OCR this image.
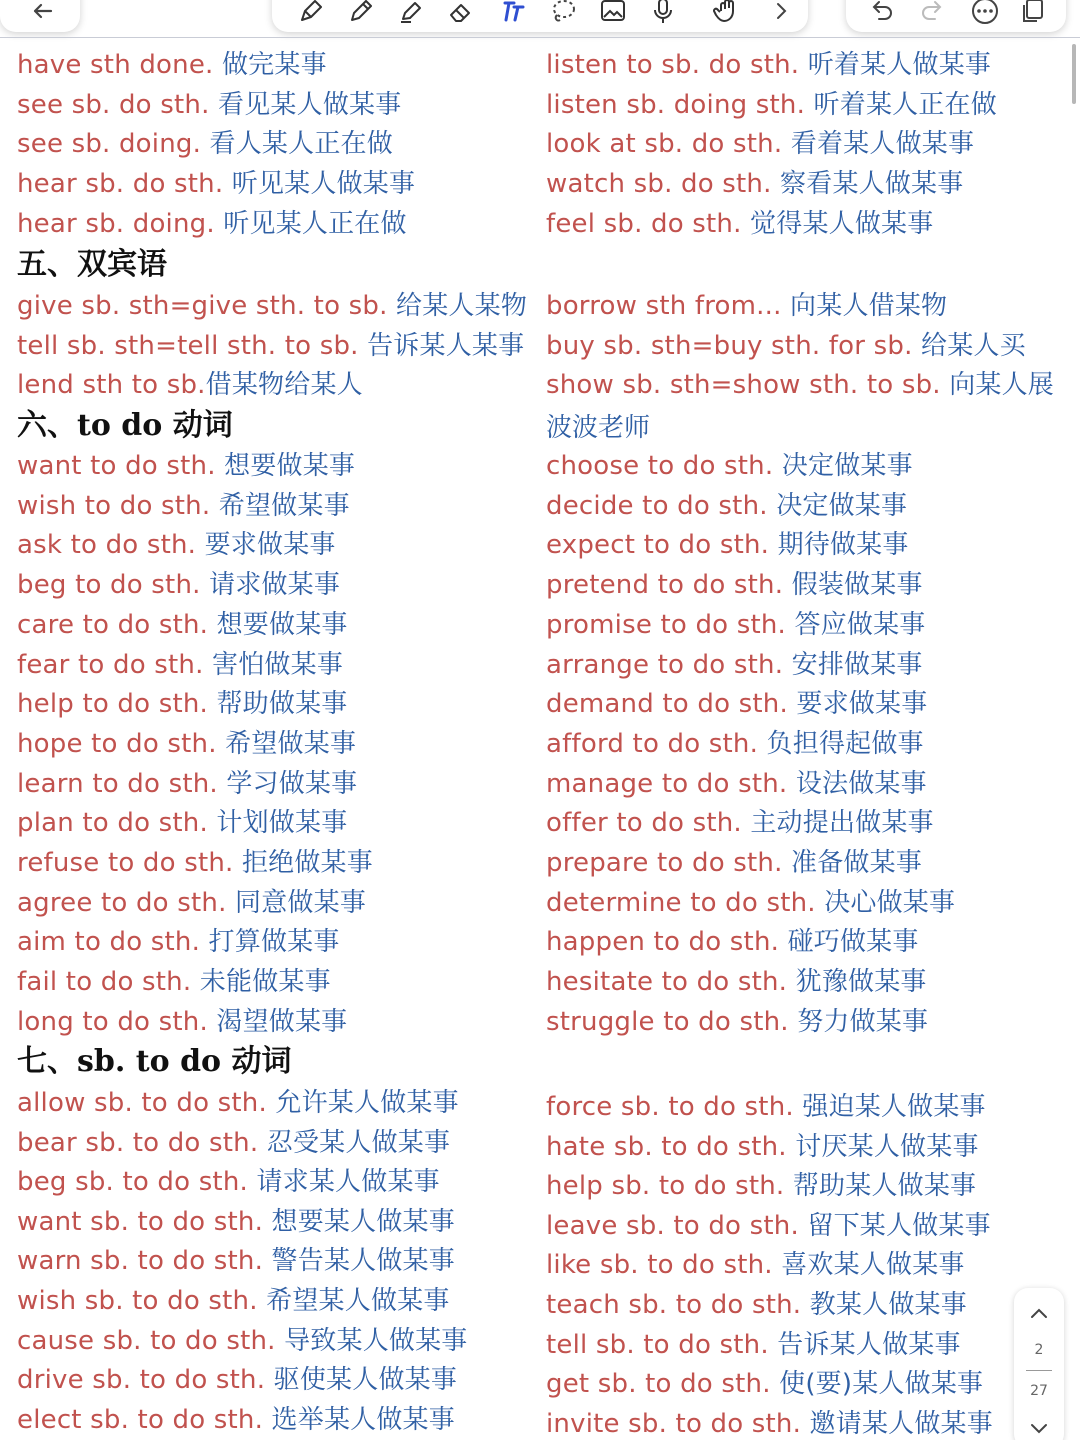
五、双宾语
六、to do 动词	波波老师
七、sb. to do 动词
have sth done. 做完某事
see sb. do sth. 看见某人做某事
see sb. doing. 看人某人正在做
hear sb. do sth. 听见某人做某事
hear sb. doing. 听见某人正在做
listen to sb. do sth. 听着某人做某事
listen sb. doing sth. 听着某人正在做
look at sb. do sth. 看着某人做某事
watch sb. do sth. 察看某人做某事
feel sb. do sth. 觉得某人做某事
give sb. sth=give sth. to sb. 给某人某物
tell sb. sth=tell sth. to sb. 告诉某人某事
lend sth to sb.借某物给某人
borrow sth from... 向某人借某物
buy sb. sth=buy sth. for sb. 给某人买
show sb. sth=show sth. to sb. 向某人展
want to do sth. 想要做某事
wish to do sth. 希望做某事
ask to do sth. 要求做某事
beg to do sth. 请求做某事
care to do sth. 想要做某事
fear to do sth. 害怕做某事
help to do sth. 帮助做某事
hope to do sth. 希望做某事
learn to do sth. 学习做某事
plan to do sth. 计划做某事
refuse to do sth. 拒绝做某事
agree to do sth. 同意做某事
aim to do sth. 打算做某事
fail to do sth. 未能做某事
long to do sth. 渴望做某事
choose to do sth. 决定做某事
decide to do sth. 决定做某事
expect to do sth. 期待做某事
pretend to do sth. 假装做某事
promise to do sth. 答应做某事
arrange to do sth. 安排做某事
demand to do sth. 要求做某事
afford to do sth. 负担得起做事
manage to do sth. 设法做某事
offer to do sth. 主动提出做某事
prepare to do sth. 准备做某事
determine to do sth. 决心做某事
happen to do sth. 碰巧做某事
hesitate to do sth. 犹豫做某事
struggle to do sth. 努力做某事
allow sb. to do sth. 允许某人做某事
bear sb. to do sth. 忍受某人做某事
beg sb. to do sth. 请求某人做某事
want sb. to do sth. 想要某人做某事
warn sb. to do sth. 警告某人做某事
wish sb. to do sth. 希望某人做某事
cause sb. to do sth. 导致某人做某事
drive sb. to do sth. 驱使某人做某事
elect sb. to do sth. 选举某人做某事
force sb. to do sth. 强迫某人做某事
hate sb. to do sth. 讨厌某人做某事
help sb. to do sth. 帮助某人做某事
leave sb. to do sth. 留下某人做某事
like sb. to do sth. 喜欢某人做某事
teach sb. to do sth. 教某人做某事
tell sb. to do sth. 告诉某人做某事
get sb. to do sth. 使(要)某人做某事
invite sb. to do sth. 邀请某人做某事
2
27
